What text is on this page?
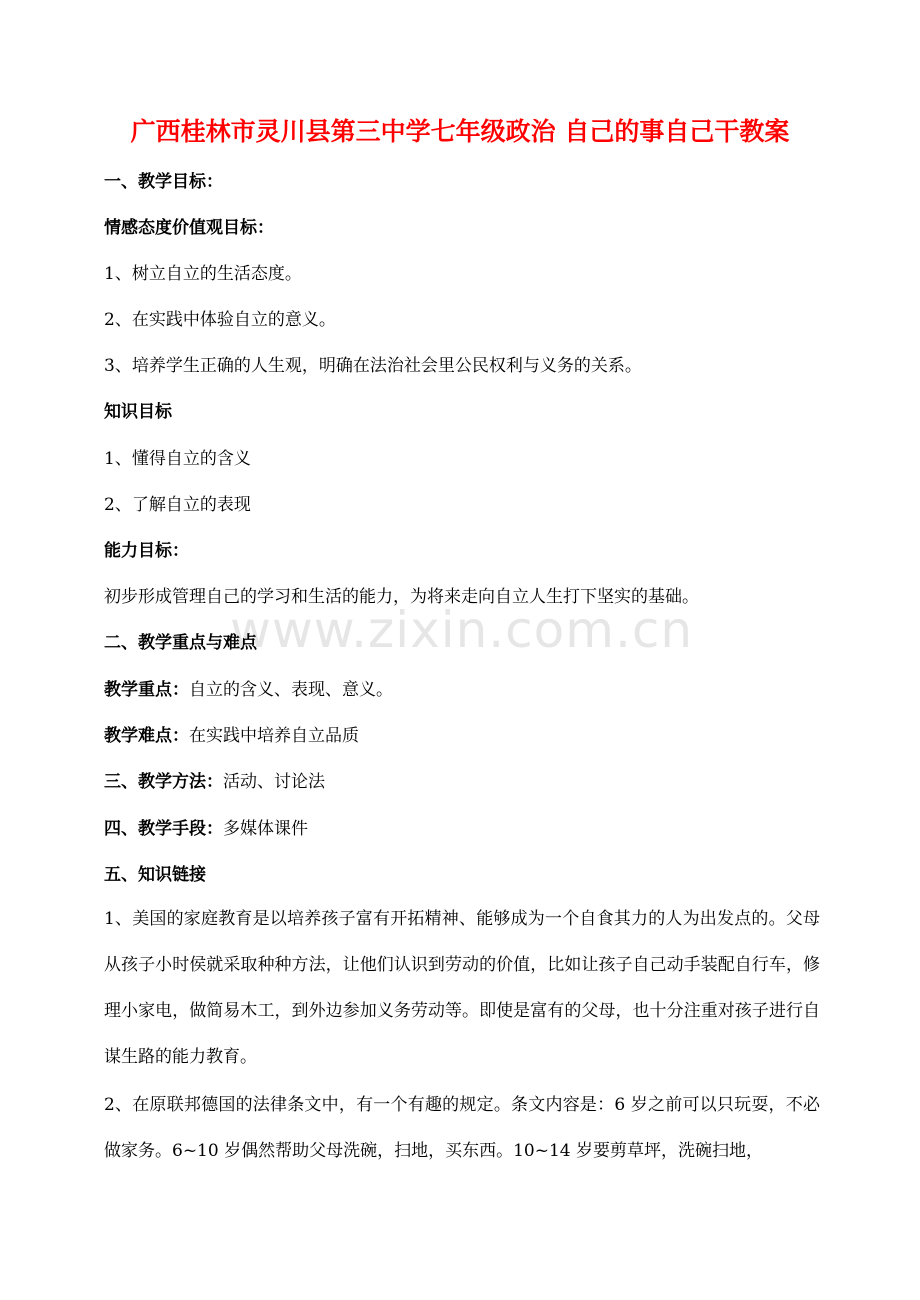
www.zixin.com.cn
广西桂林市灵川县第三中学七年级政治 自己的事自己干教案
一、教学目标：
情感态度价值观目标：
1、树立自立的生活态度。
2、在实践中体验自立的意义。
3、培养学生正确的人生观，明确在法治社会里公民权利与义务的关系。
知识目标
1、懂得自立的含义
2、了解自立的表现
能力目标：
初步形成管理自己的学习和生活的能力，为将来走向自立人生打下坚实的基础。
二、教学重点与难点
教学重点：自立的含义、表现、意义。
教学难点：在实践中培养自立品质
三、教学方法：活动、讨论法
四、教学手段：多媒体课件
五、知识链接
1、美国的家庭教育是以培养孩子富有开拓精神、能够成为一个自食其力的人为出发点的。父母从孩子小时侯就采取种种方法，让他们认识到劳动的价值，比如让孩子自己动手装配自行车，修理小家电，做简易木工，到外边参加义务劳动等。即使是富有的父母，也十分注重对孩子进行自谋生路的能力教育。
2、在原联邦德国的法律条文中，有一个有趣的规定。条文内容是：6 岁之前可以只玩耍，不必做家务。6~10 岁偶然帮助父母洗碗，扫地，买东西。10~14 岁要剪草坪，洗碗扫地，
